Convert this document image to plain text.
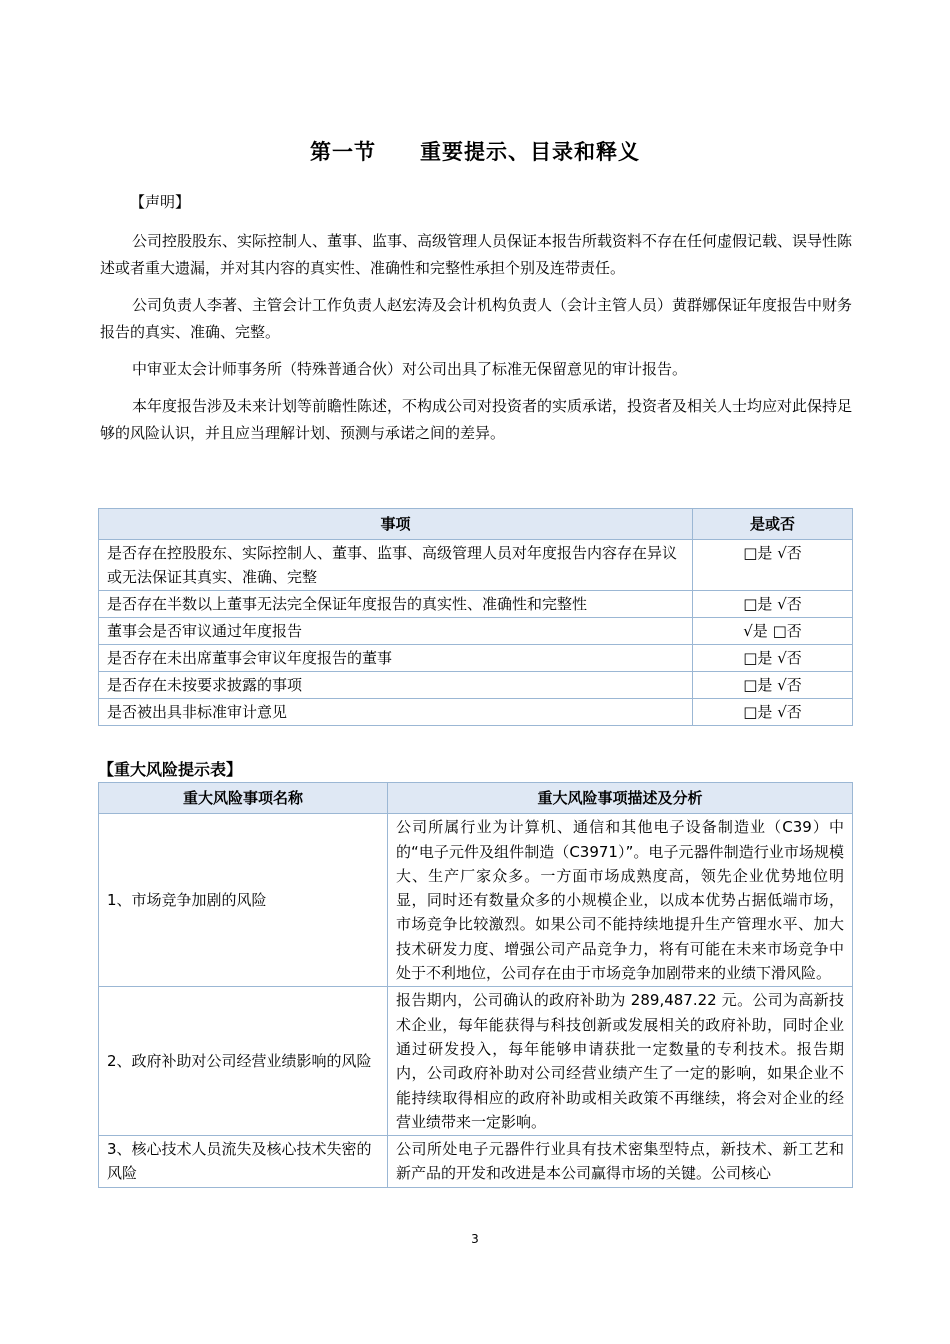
第一节　　重要提示、目录和释义
【声明】

公司控股股东、实际控制人、董事、监事、高级管理人员保证本报告所载资料不存在任何虚假记载、误导性陈述或者重大遗漏，并对其内容的真实性、准确性和完整性承担个别及连带责任。

公司负责人李著、主管会计工作负责人赵宏涛及会计机构负责人（会计主管人员）黄群娜保证年度报告中财务报告的真实、准确、完整。

中审亚太会计师事务所（特殊普通合伙）对公司出具了标准无保留意见的审计报告。

本年度报告涉及未来计划等前瞻性陈述，不构成公司对投资者的实质承诺，投资者及相关人士均应对此保持足够的风险认识，并且应当理解计划、预测与承诺之间的差异。

事项	是或否
是否存在控股股东、实际控制人、董事、监事、高级管理人员对年度报告内容存在异议或无法保证其真实、准确、完整	□是 √否
是否存在半数以上董事无法完全保证年度报告的真实性、准确性和完整性	□是 √否
董事会是否审议通过年度报告	√是 □否
是否存在未出席董事会审议年度报告的董事	□是 √否
是否存在未按要求披露的事项	□是 √否
是否被出具非标准审计意见	□是 √否
【重大风险提示表】
重大风险事项名称	重大风险事项描述及分析
1、市场竞争加剧的风险	公司所属行业为计算机、通信和其他电子设备制造业（C39）中的“电子元件及组件制造（C3971）”。电子元器件制造行业市场规模大、生产厂家众多。一方面市场成熟度高，领先企业优势地位明显，同时还有数量众多的小规模企业，以成本优势占据低端市场，市场竞争比较激烈。如果公司不能持续地提升生产管理水平、加大技术研发力度、增强公司产品竞争力，将有可能在未来市场竞争中处于不利地位，公司存在由于市场竞争加剧带来的业绩下滑风险。
2、政府补助对公司经营业绩影响的风险	报告期内，公司确认的政府补助为 289,487.22 元。公司为高新技术企业，每年能获得与科技创新或发展相关的政府补助，同时企业通过研发投入，每年能够申请获批一定数量的专利技术。报告期内，公司政府补助对公司经营业绩产生了一定的影响，如果企业不能持续取得相应的政府补助或相关政策不再继续，将会对企业的经营业绩带来一定影响。
3、核心技术人员流失及核心技术失密的风险	公司所处电子元器件行业具有技术密集型特点，新技术、新工艺和新产品的开发和改进是本公司赢得市场的关键。公司核心
3
